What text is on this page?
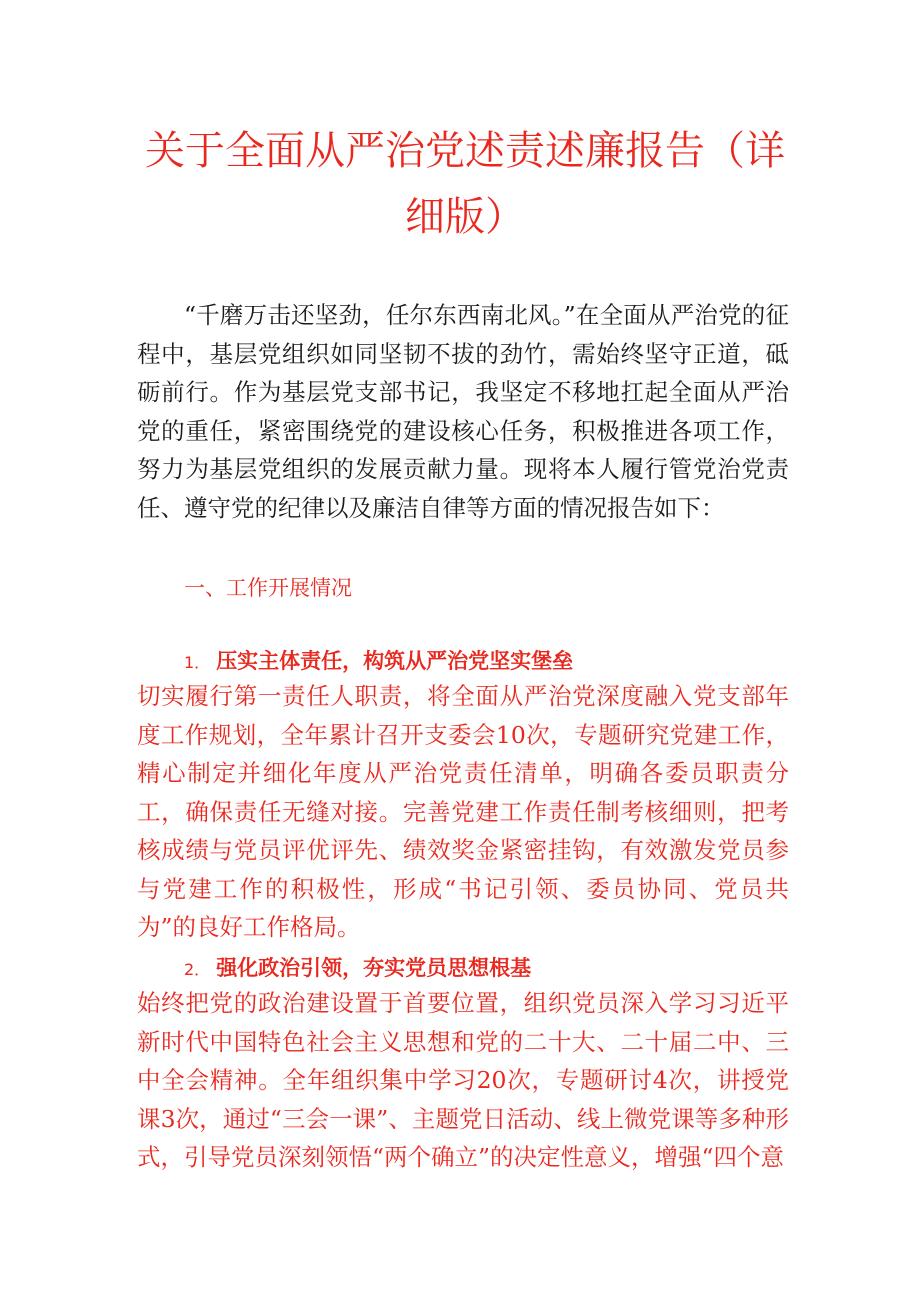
关于全面从严治党述责述廉报告（详细版）

“千磨万击还坚劲，任尔东西南北风。”在全面从严治党的征程中，基层党组织如同坚韧不拔的劲竹，需始终坚守正道，砥砺前行。作为基层党支部书记，我坚定不移地扛起全面从严治党的重任，紧密围绕党的建设核心任务，积极推进各项工作，努力为基层党组织的发展贡献力量。现将本人履行管党治党责任、遵守党的纪律以及廉洁自律等方面的情况报告如下：

一、工作开展情况
1． 压实主体责任，构筑从严治党坚实堡垒

切实履行第一责任人职责，将全面从严治党深度融入党支部年度工作规划，全年累计召开支委会10次，专题研究党建工作，精心制定并细化年度从严治党责任清单，明确各委员职责分工，确保责任无缝对接。完善党建工作责任制考核细则，把考核成绩与党员评优评先、绩效奖金紧密挂钩，有效激发党员参与党建工作的积极性，形成“书记引领、委员协同、党员共为”的良好工作格局。

2． 强化政治引领，夯实党员思想根基

始终把党的政治建设置于首要位置，组织党员深入学习习近平新时代中国特色社会主义思想和党的二十大、二十届二中、三中全会精神。全年组织集中学习20次，专题研讨4次，讲授党课3次，通过“三会一课”、主题党日活动、线上微党课等多种形式，引导党员深刻领悟“两个确立”的决定性意义，增强“四个意
